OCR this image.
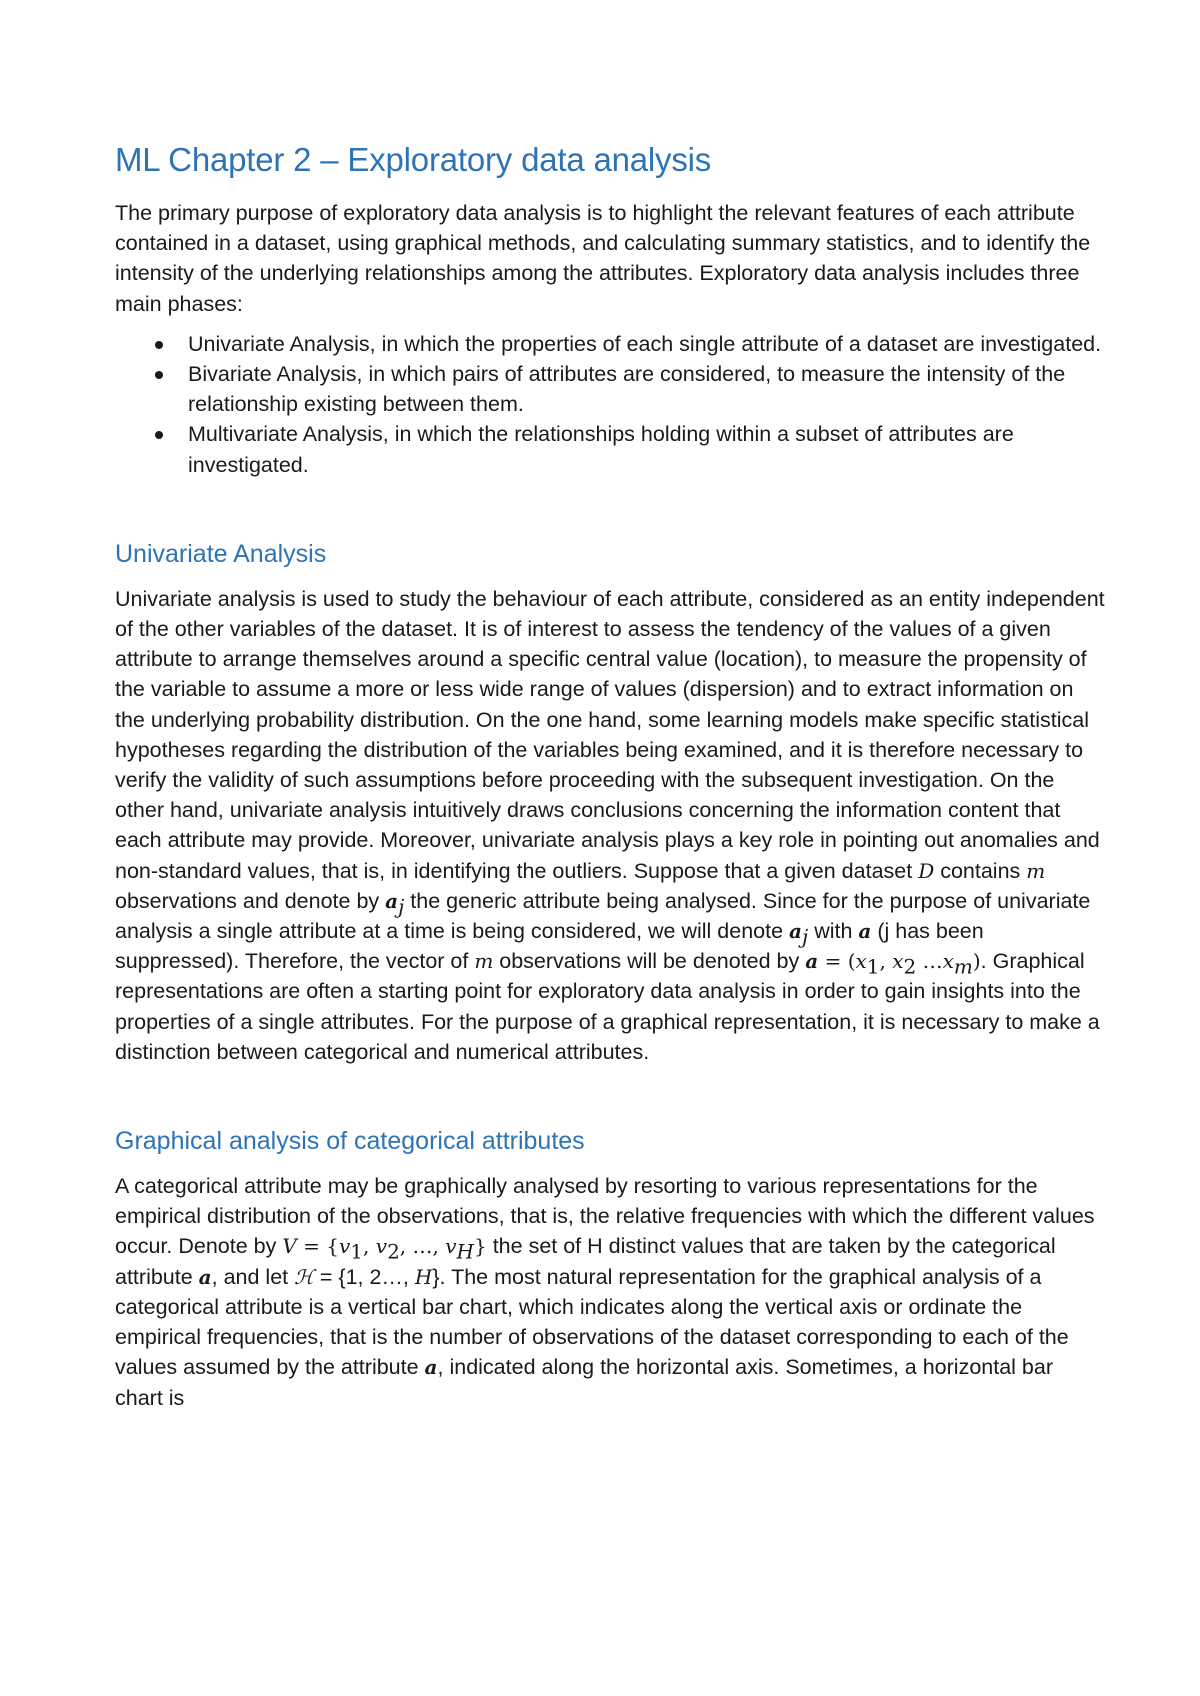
ML Chapter 2 – Exploratory data analysis

The primary purpose of exploratory data analysis is to highlight the relevant features of each attribute contained in a dataset, using graphical methods, and calculating summary statistics, and to identify the intensity of the underlying relationships among the attributes. Exploratory data analysis includes three main phases:

Univariate Analysis, in which the properties of each single attribute of a dataset are investigated.
Bivariate Analysis, in which pairs of attributes are considered, to measure the intensity of the relationship existing between them.
Multivariate Analysis, in which the relationships holding within a subset of attributes are investigated.
Univariate Analysis

Univariate analysis is used to study the behaviour of each attribute, considered as an entity independent of the other variables of the dataset. It is of interest to assess the tendency of the values of a given attribute to arrange themselves around a specific central value (location), to measure the propensity of the variable to assume a more or less wide range of values (dispersion) and to extract information on the underlying probability distribution. On the one hand, some learning models make specific statistical hypotheses regarding the distribution of the variables being examined, and it is therefore necessary to verify the validity of such assumptions before proceeding with the subsequent investigation. On the other hand, univariate analysis intuitively draws conclusions concerning the information content that each attribute may provide. Moreover, univariate analysis plays a key role in pointing out anomalies and non-standard values, that is, in identifying the outliers. Suppose that a given dataset D contains m observations and denote by $a_j$ the generic attribute being analysed. Since for the purpose of univariate analysis a single attribute at a time is being considered, we will denote $a_j$ with a (j has been suppressed). Therefore, the vector of m observations will be denoted by $a = (x_1$, $x_2$ $\dots x_m$). Graphical representations are often a starting point for exploratory data analysis in order to gain insights into the properties of a single attributes. For the purpose of a graphical representation, it is necessary to make a distinction between categorical and numerical attributes.

Graphical analysis of categorical attributes

A categorical attribute may be graphically analysed by resorting to various representations for the empirical distribution of the observations, that is, the relative frequencies with which the different values occur. Denote by $V = \{v_1$, $v_2$, …, $v_H$} the set of H distinct values that are taken by the categorical attribute a, and let ℋ = {1, 2…, H}. The most natural representation for the graphical analysis of a categorical attribute is a vertical bar chart, which indicates along the vertical axis or ordinate the empirical frequencies, that is the number of observations of the dataset corresponding to each of the values assumed by the attribute a, indicated along the horizontal axis. Sometimes, a horizontal bar chart is
